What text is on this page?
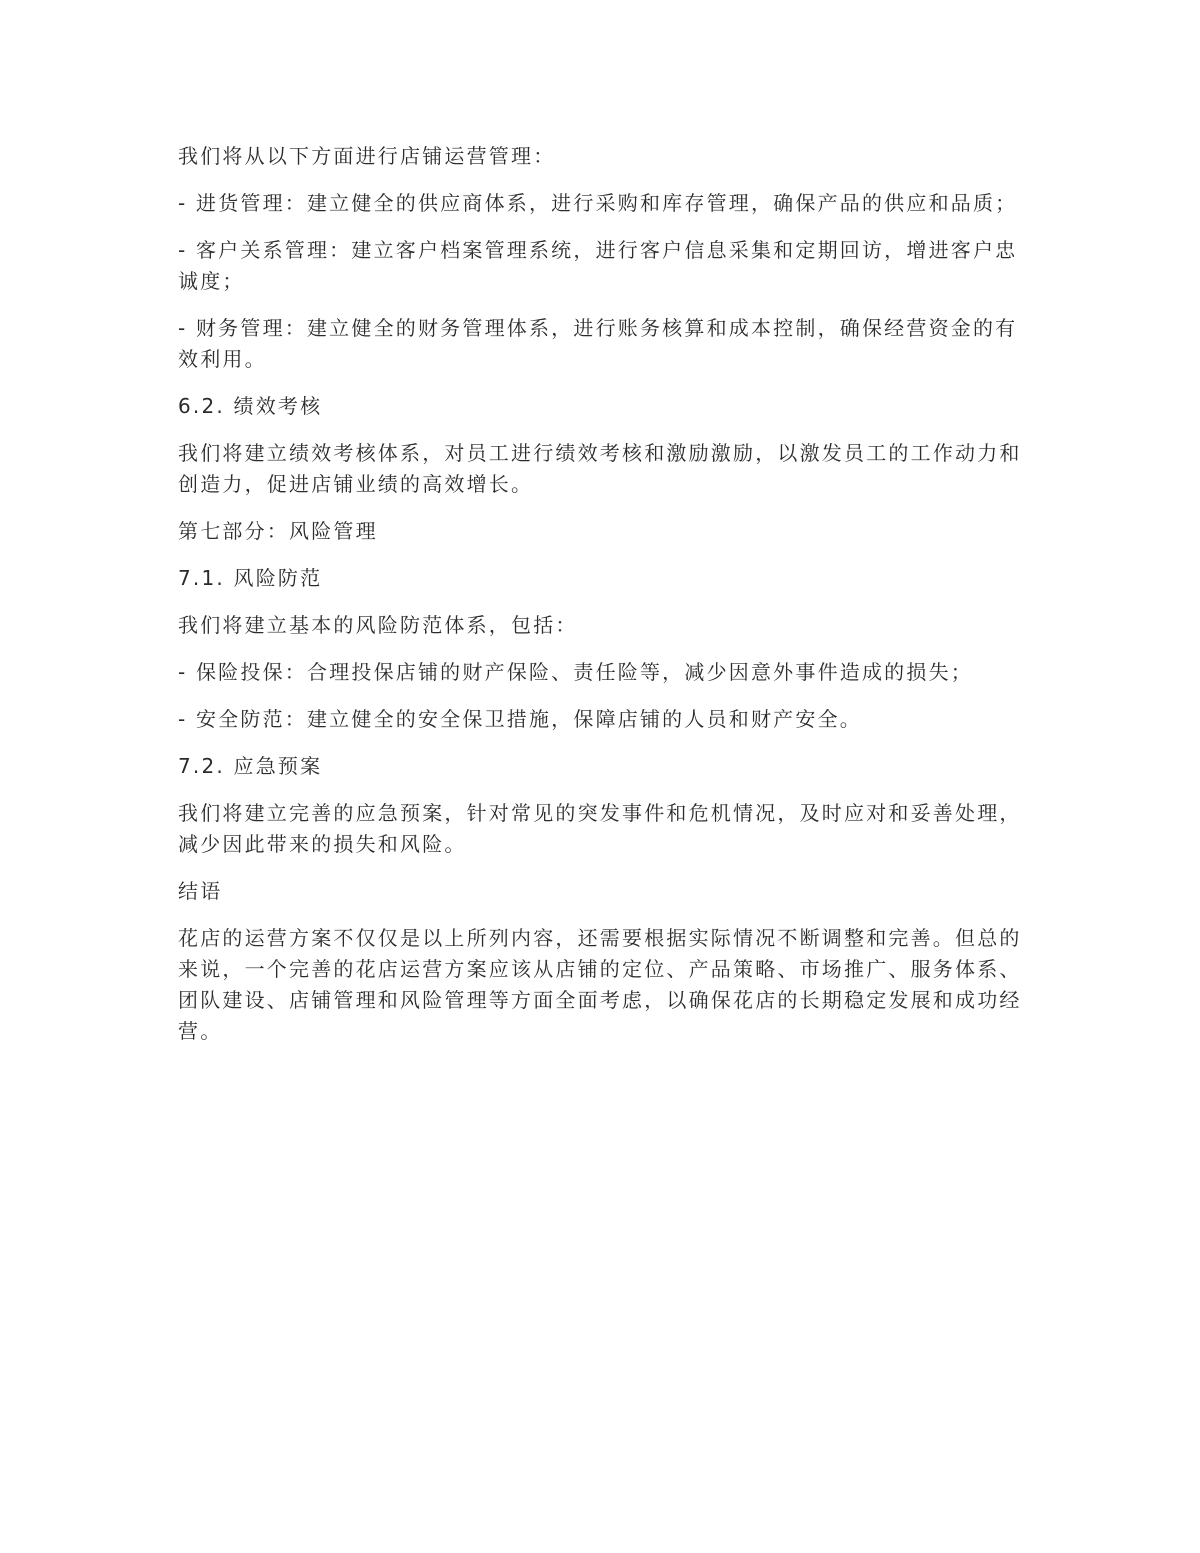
我们将从以下方面进行店铺运营管理：

- 进货管理：建立健全的供应商体系，进行采购和库存管理，确保产品的供应和品质；

- 客户关系管理：建立客户档案管理系统，进行客户信息采集和定期回访，增进客户忠诚度；

- 财务管理：建立健全的财务管理体系，进行账务核算和成本控制，确保经营资金的有效利用。

6.2. 绩效考核

我们将建立绩效考核体系，对员工进行绩效考核和激励激励，以激发员工的工作动力和创造力，促进店铺业绩的高效增长。

第七部分：风险管理

7.1. 风险防范

我们将建立基本的风险防范体系，包括：

- 保险投保：合理投保店铺的财产保险、责任险等，减少因意外事件造成的损失；

- 安全防范：建立健全的安全保卫措施，保障店铺的人员和财产安全。

7.2. 应急预案

我们将建立完善的应急预案，针对常见的突发事件和危机情况，及时应对和妥善处理，减少因此带来的损失和风险。

结语

花店的运营方案不仅仅是以上所列内容，还需要根据实际情况不断调整和完善。但总的来说，一个完善的花店运营方案应该从店铺的定位、产品策略、市场推广、服务体系、团队建设、店铺管理和风险管理等方面全面考虑，以确保花店的长期稳定发展和成功经营。
